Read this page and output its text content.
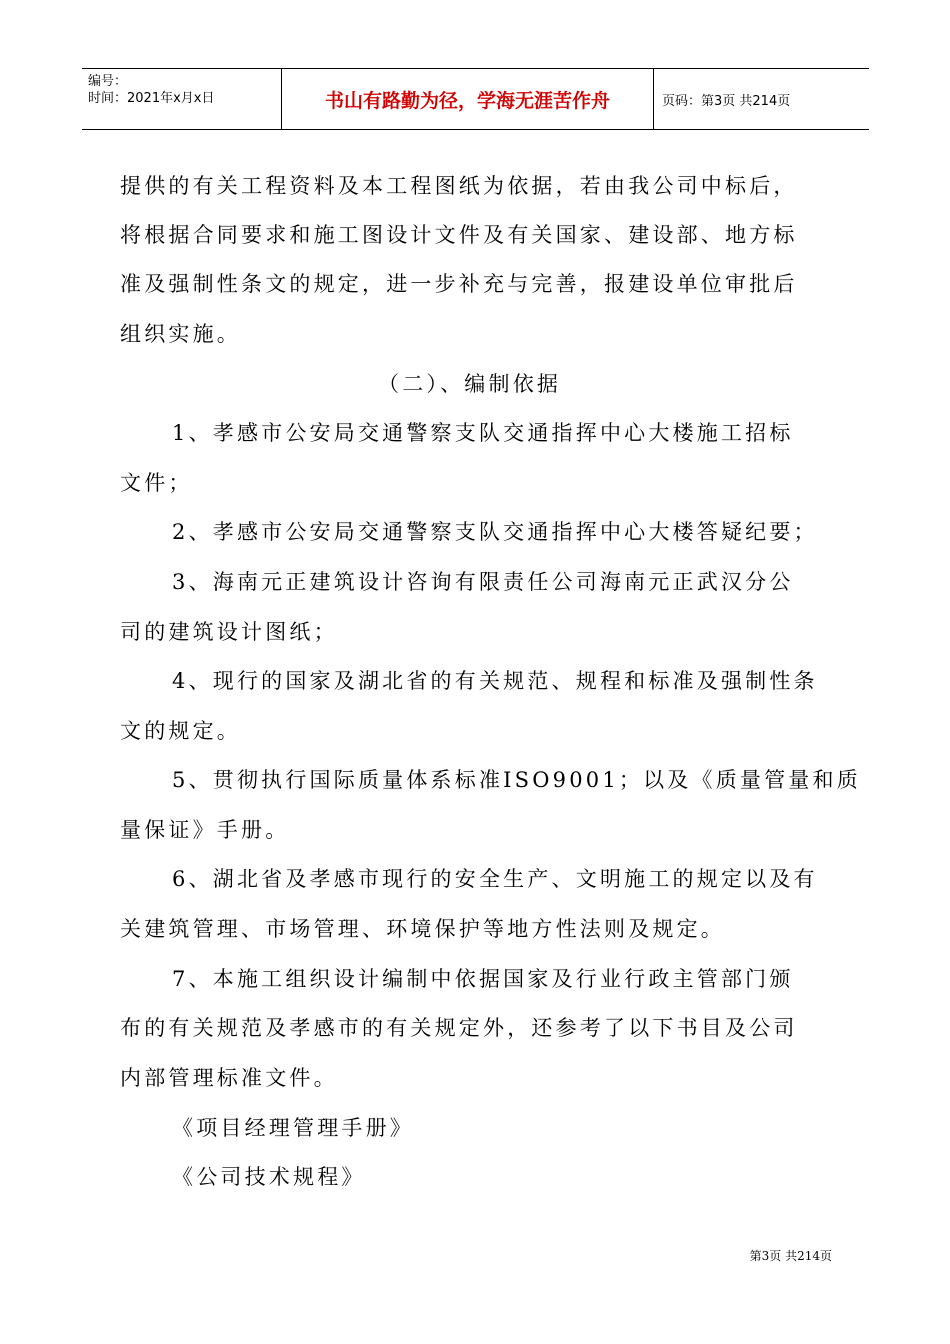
编号：
时间：2021年x月x日	书山有路勤为径，学海无涯苦作舟	页码：第3页 共214页
提供的有关工程资料及本工程图纸为依据，若由我公司中标后，
将根据合同要求和施工图设计文件及有关国家、建设部、地方标
准及强制性条文的规定，进一步补充与完善，报建设单位审批后
组织实施。
（二）、编制依据
1、孝感市公安局交通警察支队交通指挥中心大楼施工招标
文件；
2、孝感市公安局交通警察支队交通指挥中心大楼答疑纪要；
3、海南元正建筑设计咨询有限责任公司海南元正武汉分公
司的建筑设计图纸；
4、现行的国家及湖北省的有关规范、规程和标准及强制性条
文的规定。
5、贯彻执行国际质量体系标准ISO9001；以及《质量管量和质
量保证》手册。
6、湖北省及孝感市现行的安全生产、文明施工的规定以及有
关建筑管理、市场管理、环境保护等地方性法则及规定。
7、本施工组织设计编制中依据国家及行业行政主管部门颁
布的有关规范及孝感市的有关规定外，还参考了以下书目及公司
内部管理标准文件。
《项目经理管理手册》
《公司技术规程》
第3页 共214页
